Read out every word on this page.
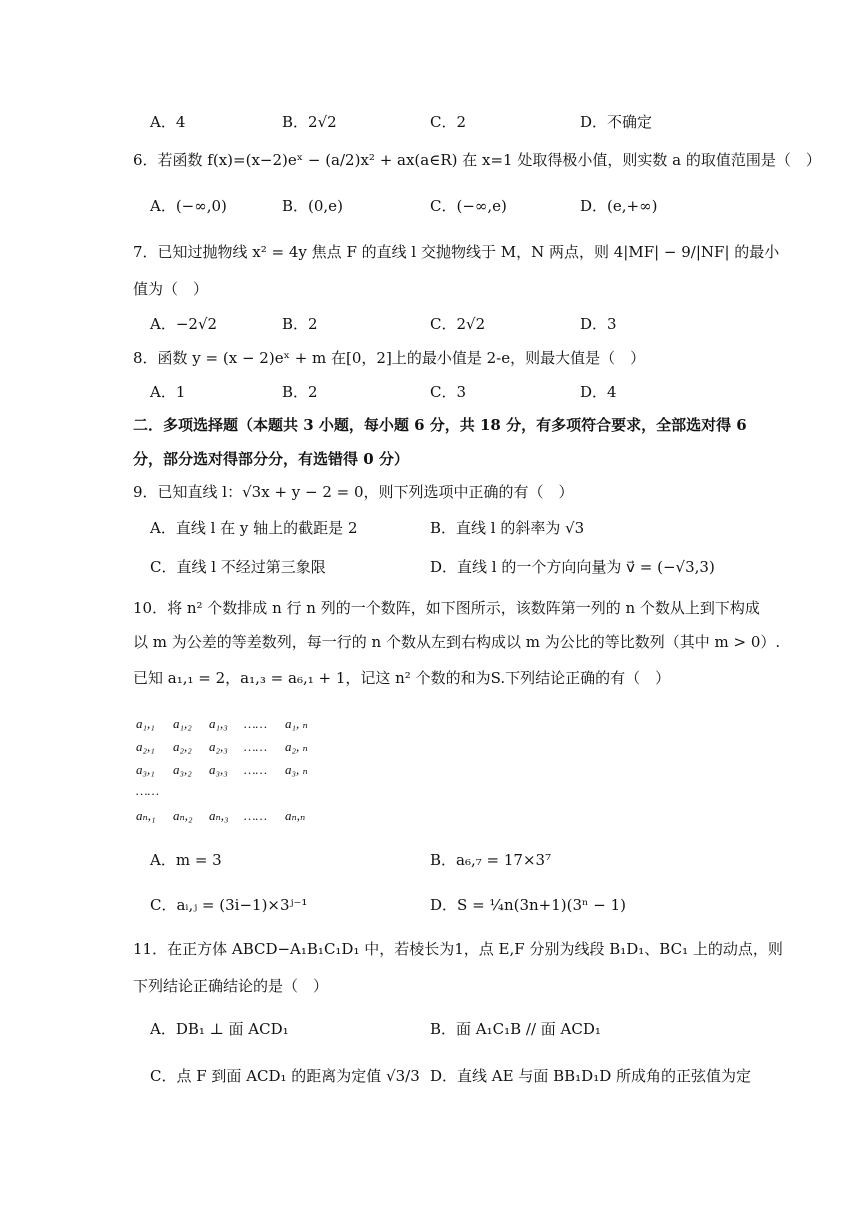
A．4	B．2√2	C．2	D．不确定
6．若函数 f(x)=(x−2)eˣ − (a/2)x² + ax(a∈R) 在 x=1 处取得极小值，则实数 a 的取值范围是（　）
A．(−∞,0)	B．(0,e)	C．(−∞,e)	D．(e,+∞)
7．已知过抛物线 x² = 4y 焦点 F 的直线 l 交抛物线于 M，N 两点，则 4|MF| − 9/|NF| 的最小
值为（　）
A．−2√2	B．2	C．2√2	D．3
8．函数 y = (x − 2)eˣ + m 在[0，2]上的最小值是 2-e，则最大值是（　）
A．1	B．2	C．3	D．4
二．多项选择题（本题共 3 小题，每小题 6 分，共 18 分，有多项符合要求，全部选对得 6
分，部分选对得部分分，有选错得 0 分）
9．已知直线 l：√3x + y − 2 = 0，则下列选项中正确的有（　）
A．直线 l 在 y 轴上的截距是 2	B．直线 l 的斜率为 √3
C．直线 l 不经过第三象限	D．直线 l 的一个方向向量为 v⃗ = (−√3,3)
10．将 n² 个数排成 n 行 n 列的一个数阵，如下图所示，该数阵第一列的 n 个数从上到下构成
以 m 为公差的等差数列，每一行的 n 个数从左到右构成以 m 为公比的等比数列（其中 m > 0）.
已知 a₁,₁ = 2，a₁,₃ = a₆,₁ + 1，记这 n² 个数的和为S.下列结论正确的有（　）
a₁,₁ a₁,₂ a₁,₃ …… a₁, ₙ
a₂,₁ a₂,₂ a₂,₃ …… a₂, ₙ
a₃,₁ a₃,₂ a₃,₃ …… a₃, ₙ
……
aₙ,₁ aₙ,₂ aₙ,₃ …… aₙ,ₙ
A．m = 3	B．a₆,₇ = 17×3⁷
C．aᵢ,ⱼ = (3i−1)×3ʲ⁻¹	D．S = ¼n(3n+1)(3ⁿ − 1)
11．在正方体 ABCD−A₁B₁C₁D₁ 中，若棱长为1，点 E,F 分别为线段 B₁D₁、BC₁ 上的动点，则
下列结论正确结论的是（　）
A．DB₁ ⊥ 面 ACD₁	B．面 A₁C₁B // 面 ACD₁
C．点 F 到面 ACD₁ 的距离为定值 √3/3 D．直线 AE 与面 BB₁D₁D 所成角的正弦值为定
